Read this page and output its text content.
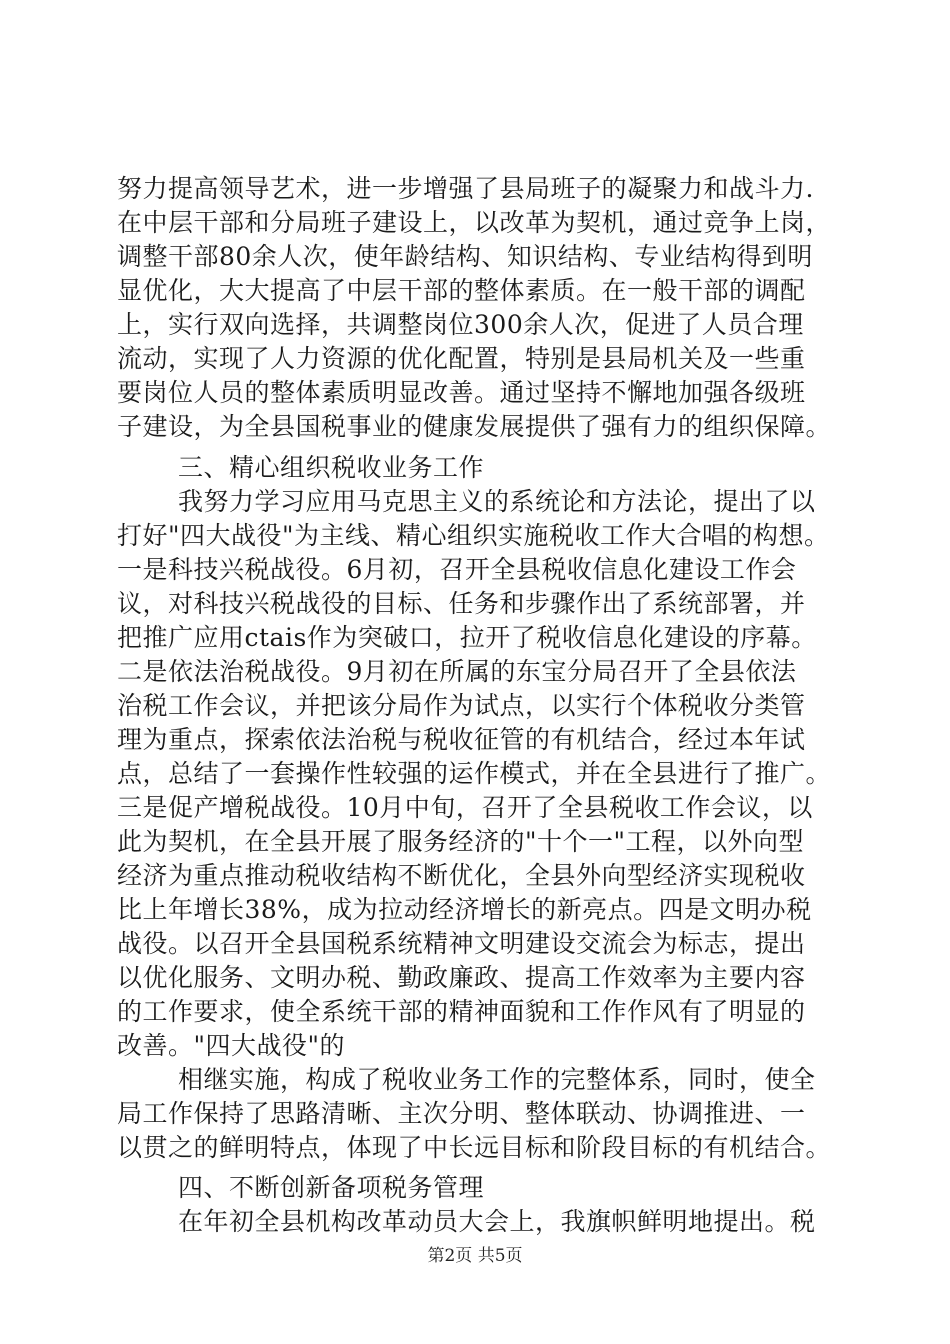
努力提高领导艺术，进一步增强了县局班子的凝聚力和战斗力.
在中层干部和分局班子建设上，以改革为契机，通过竞争上岗，
调整干部80余人次，使年龄结构、知识结构、专业结构得到明
显优化，大大提高了中层干部的整体素质。在一般干部的调配
上，实行双向选择，共调整岗位300余人次，促进了人员合理
流动，实现了人力资源的优化配置，特别是县局机关及一些重
要岗位人员的整体素质明显改善。通过坚持不懈地加强各级班
子建设，为全县国税事业的健康发展提供了强有力的组织保障。
三、精心组织税收业务工作
我努力学习应用马克思主义的系统论和方法论，提出了以
打好"四大战役"为主线、精心组织实施税收工作大合唱的构想。
一是科技兴税战役。6月初，召开全县税收信息化建设工作会
议，对科技兴税战役的目标、任务和步骤作出了系统部署，并
把推广应用ctais作为突破口，拉开了税收信息化建设的序幕。
二是依法治税战役。9月初在所属的东宝分局召开了全县依法
治税工作会议，并把该分局作为试点，以实行个体税收分类管
理为重点，探索依法治税与税收征管的有机结合，经过本年试
点，总结了一套操作性较强的运作模式，并在全县进行了推广。
三是促产增税战役。10月中旬，召开了全县税收工作会议，以
此为契机，在全县开展了服务经济的"十个一"工程，以外向型
经济为重点推动税收结构不断优化，全县外向型经济实现税收
比上年增长38%，成为拉动经济增长的新亮点。四是文明办税
战役。以召开全县国税系统精神文明建设交流会为标志，提出
以优化服务、文明办税、勤政廉政、提高工作效率为主要内容
的工作要求，使全系统干部的精神面貌和工作作风有了明显的
改善。"四大战役"的
相继实施，构成了税收业务工作的完整体系，同时，使全
局工作保持了思路清晰、主次分明、整体联动、协调推进、一
以贯之的鲜明特点，体现了中长远目标和阶段目标的有机结合。
四、不断创新备项税务管理
在年初全县机构改革动员大会上，我旗帜鲜明地提出。税
第2页 共5页
